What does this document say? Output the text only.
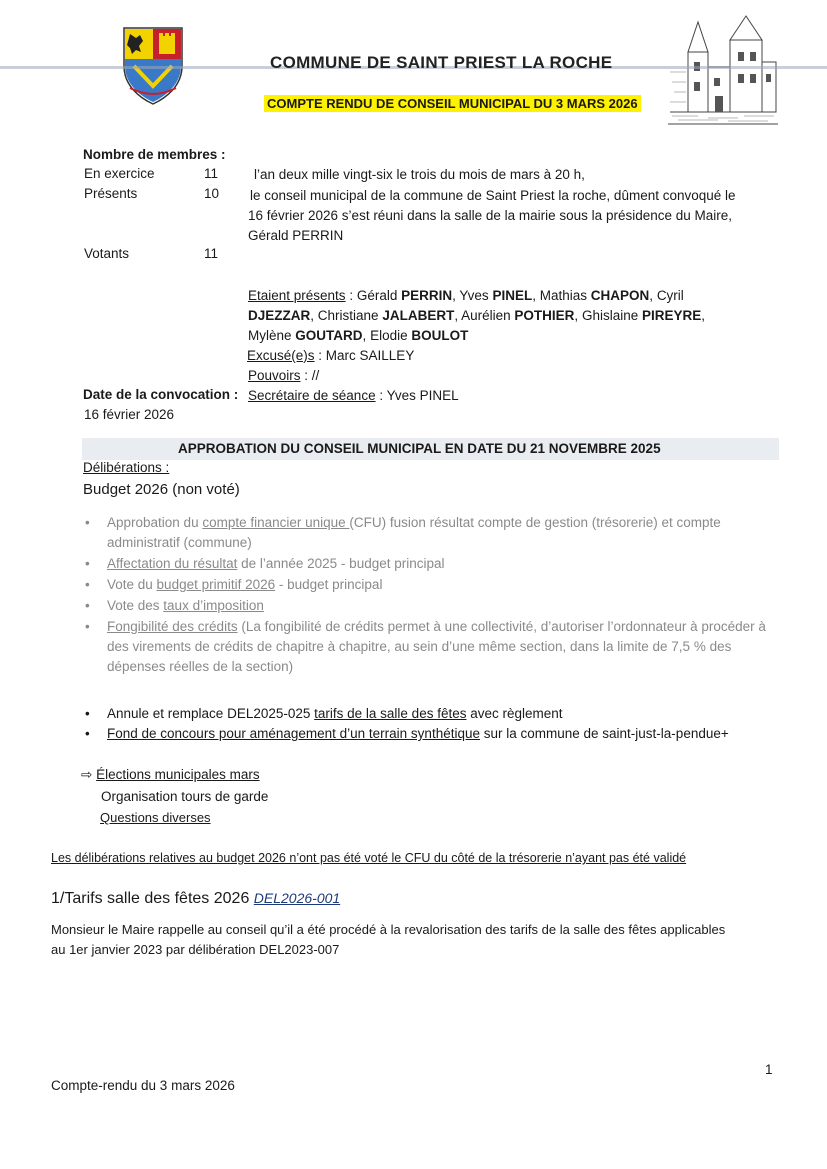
COMMUNE DE SAINT PRIEST LA ROCHE
COMPTE RENDU DE CONSEIL MUNICIPAL DU 3 MARS 2026
Nombre de membres :
En exercice	11
Présents	10
Votants	11
l’an deux mille vingt-six le trois du mois de mars à 20 h,
le conseil municipal de la commune de Saint Priest la roche, dûment convoqué le
16 février 2026 s’est réuni dans la salle de la mairie sous la présidence du Maire,
Gérald PERRIN
Etaient présents : Gérald PERRIN, Yves PINEL, Mathias CHAPON, Cyril DJEZZAR, Christiane JALABERT, Aurélien POTHIER, Ghislaine PIREYRE, Mylène GOUTARD, Elodie BOULOT
Excusé(e)s : Marc SAILLEY
Pouvoirs : //
Secrétaire de séance : Yves PINEL
Date de la convocation :
16 février 2026
APPROBATION DU CONSEIL MUNICIPAL EN DATE DU 21 NOVEMBRE 2025
Délibérations :
Budget 2026 (non voté)
• Approbation du compte financier unique (CFU) fusion résultat compte de gestion (trésorerie) et compte administratif (commune)
• Affectation du résultat de l’année 2025 - budget principal
• Vote du budget primitif 2026 - budget principal
• Vote des taux d’imposition
• Fongibilité des crédits (La fongibilité de crédits permet à une collectivité, d’autoriser l’ordonnateur à procéder à des virements de crédits de chapitre à chapitre, au sein d’une même section, dans la limite de 7,5 % des dépenses réelles de la section)
• Annule et remplace DEL2025-025 tarifs de la salle des fêtes avec règlement
• Fond de concours pour aménagement d’un terrain synthétique sur la commune de saint-just-la-pendue+
⇨ Élections municipales mars
Organisation tours de garde
Questions diverses
Les délibérations relatives au budget 2026 n’ont pas été voté le CFU du côté de la trésorerie n’ayant pas été validé
1/Tarifs salle des fêtes 2026 DEL2026-001
Monsieur le Maire rappelle au conseil qu’il a été procédé à la revalorisation des tarifs de la salle des fêtes applicables
au 1er janvier 2023 par délibération DEL2023-007
1
Compte-rendu du 3 mars 2026
